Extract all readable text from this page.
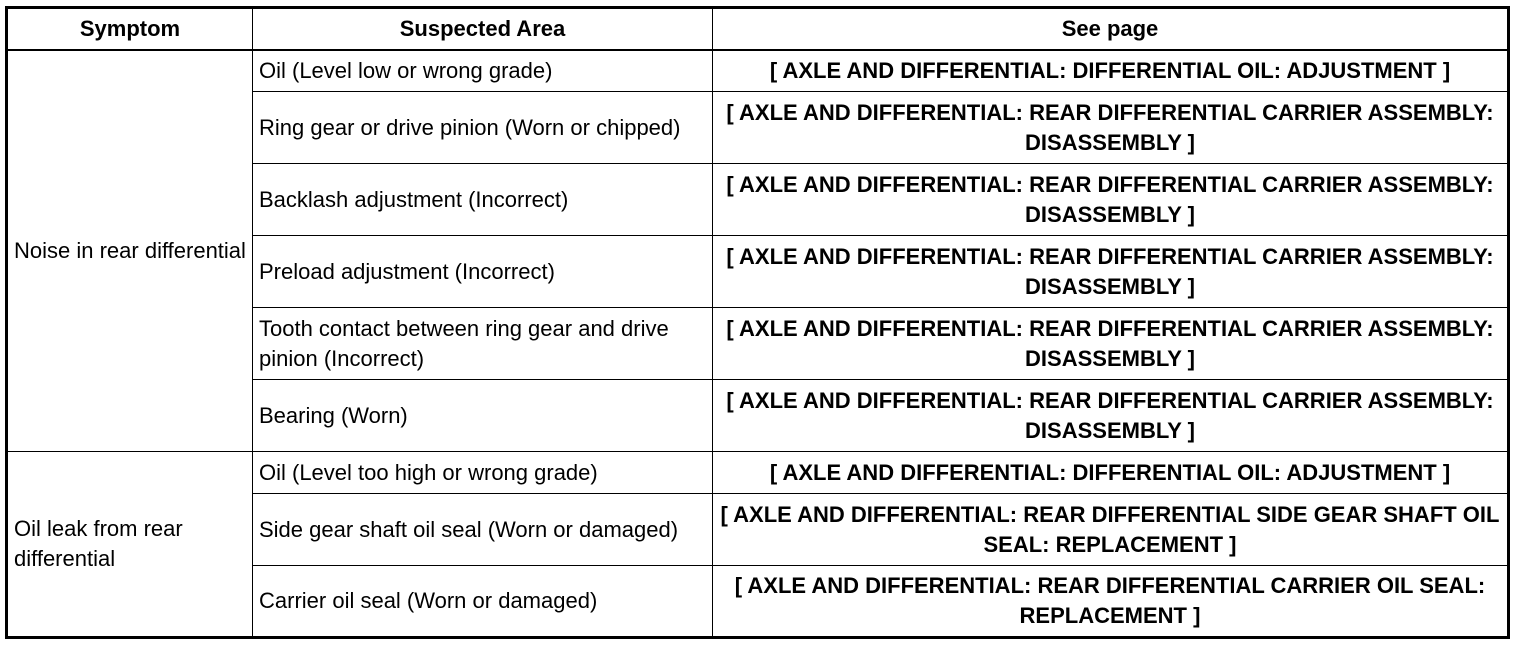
Symptom	Suspected Area	See page
Noise in rear differential	Oil (Level low or wrong grade)	[ AXLE AND DIFFERENTIAL: DIFFERENTIAL OIL: ADJUSTMENT ]
	Ring gear or drive pinion (Worn or chipped)	[ AXLE AND DIFFERENTIAL: REAR DIFFERENTIAL CARRIER ASSEMBLY: DISASSEMBLY ]
	Backlash adjustment (Incorrect)	[ AXLE AND DIFFERENTIAL: REAR DIFFERENTIAL CARRIER ASSEMBLY: DISASSEMBLY ]
	Preload adjustment (Incorrect)	[ AXLE AND DIFFERENTIAL: REAR DIFFERENTIAL CARRIER ASSEMBLY: DISASSEMBLY ]
	Tooth contact between ring gear and drive pinion (Incorrect)	[ AXLE AND DIFFERENTIAL: REAR DIFFERENTIAL CARRIER ASSEMBLY: DISASSEMBLY ]
	Bearing (Worn)	[ AXLE AND DIFFERENTIAL: REAR DIFFERENTIAL CARRIER ASSEMBLY: DISASSEMBLY ]
Oil leak from rear differential	Oil (Level too high or wrong grade)	[ AXLE AND DIFFERENTIAL: DIFFERENTIAL OIL: ADJUSTMENT ]
	Side gear shaft oil seal (Worn or damaged)	[ AXLE AND DIFFERENTIAL: REAR DIFFERENTIAL SIDE GEAR SHAFT OIL SEAL: REPLACEMENT ]
	Carrier oil seal (Worn or damaged)	[ AXLE AND DIFFERENTIAL: REAR DIFFERENTIAL CARRIER OIL SEAL: REPLACEMENT ]
